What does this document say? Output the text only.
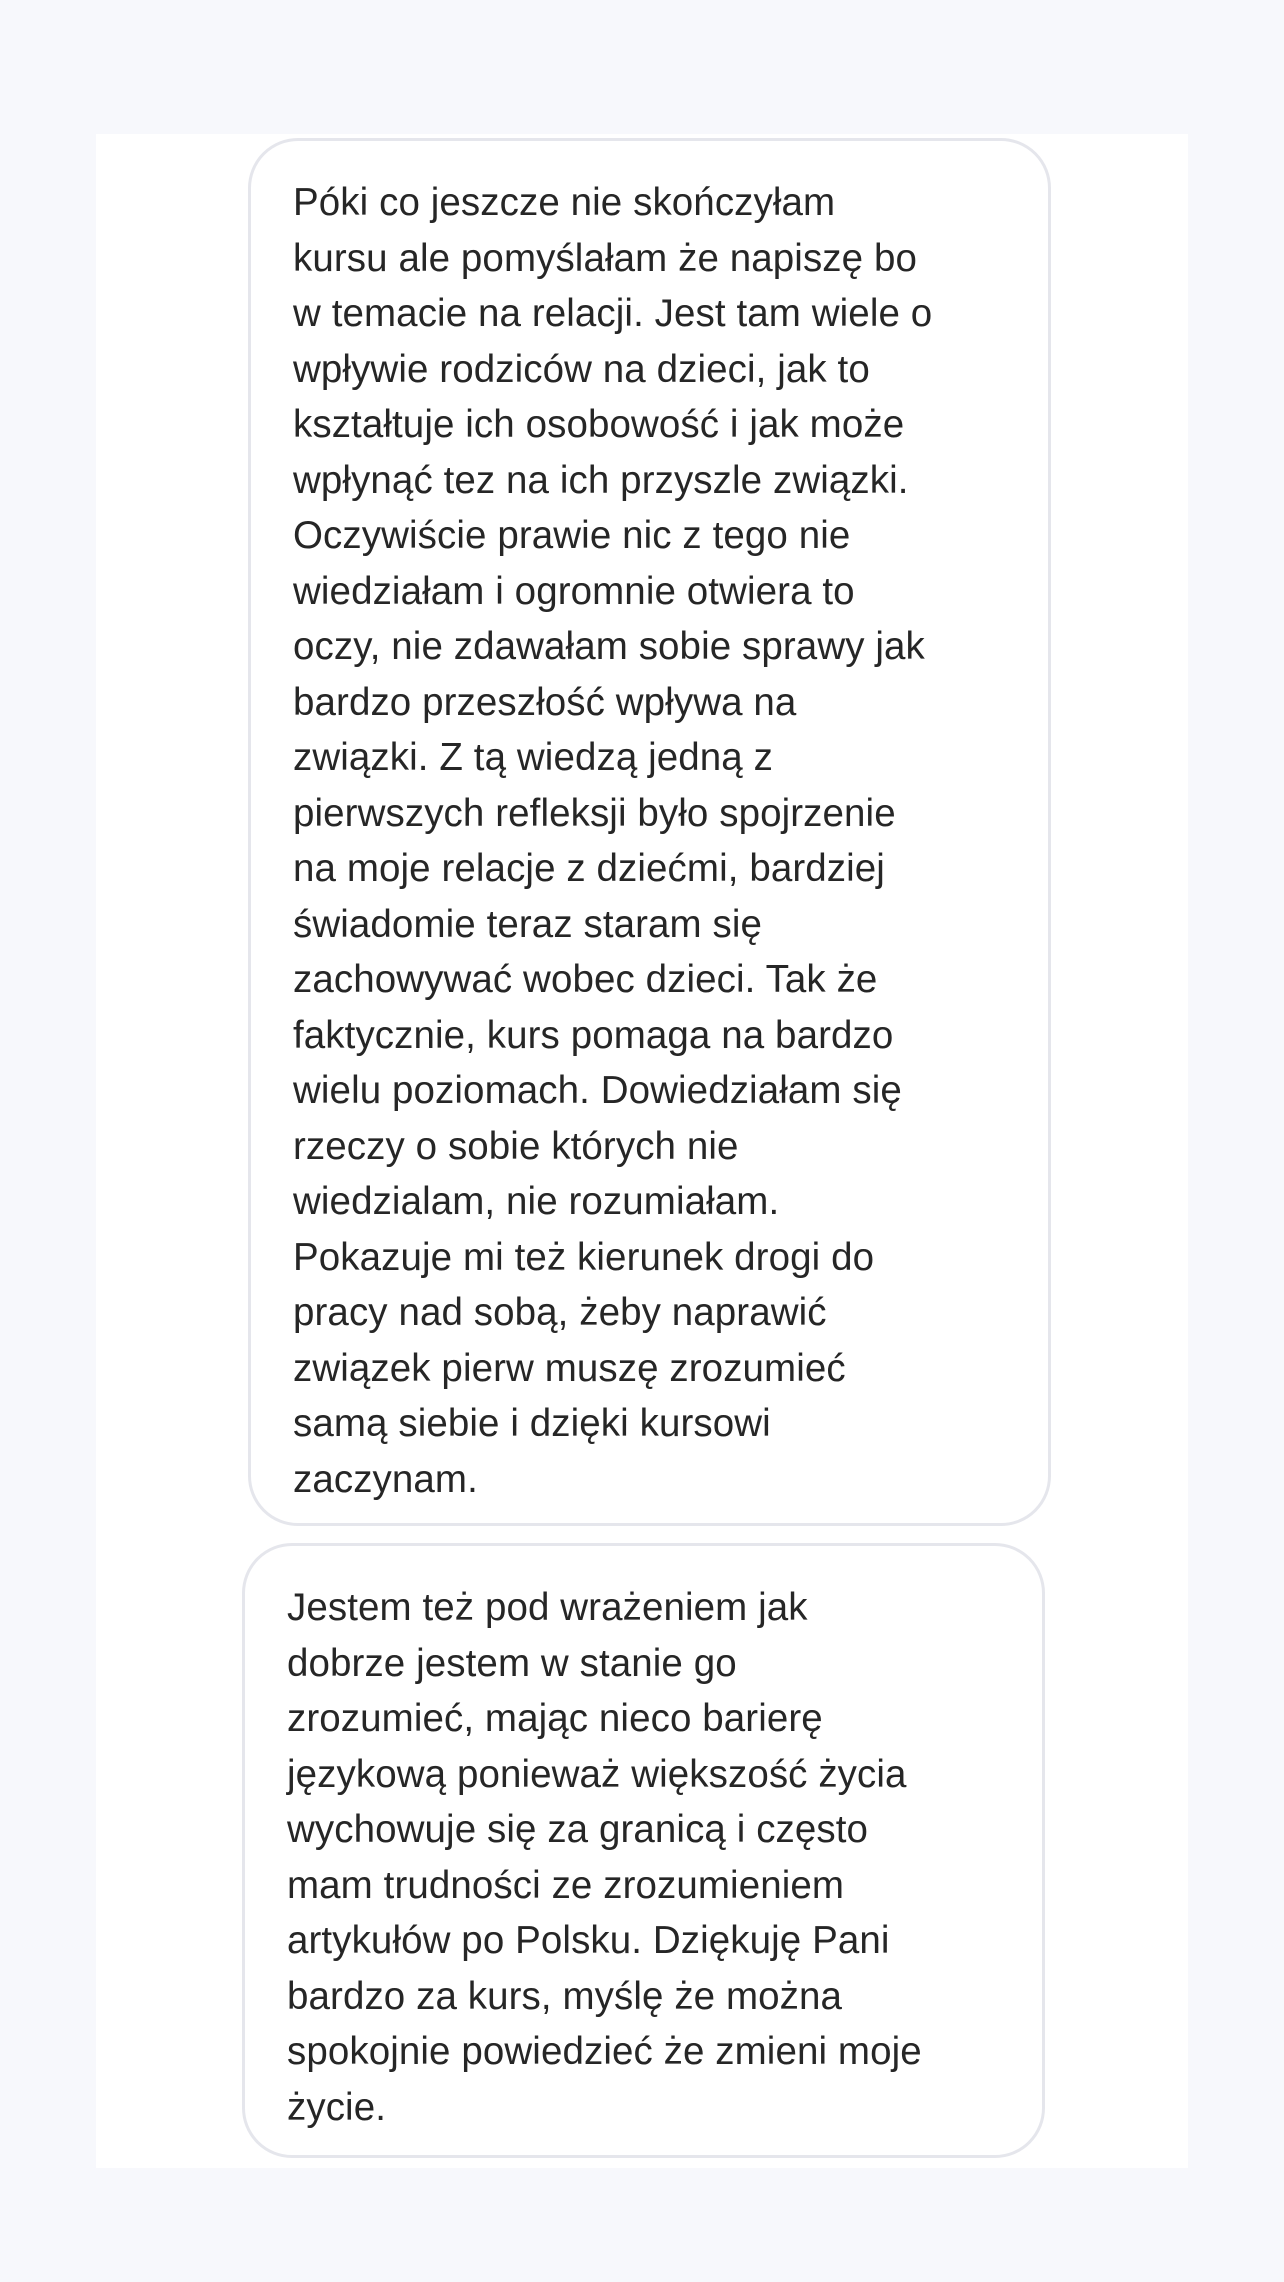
Póki co jeszcze nie skończyłam
kursu ale pomyślałam że napiszę bo
w temacie na relacji. Jest tam wiele o
wpływie rodziców na dzieci, jak to
kształtuje ich osobowość i jak może
wpłynąć tez na ich przyszle związki.
Oczywiście prawie nic z tego nie
wiedziałam i ogromnie otwiera to
oczy, nie zdawałam sobie sprawy jak
bardzo przeszłość wpływa na
związki. Z tą wiedzą jedną z
pierwszych refleksji było spojrzenie
na moje relacje z dziećmi, bardziej
świadomie teraz staram się
zachowywać wobec dzieci. Tak że
faktycznie, kurs pomaga na bardzo
wielu poziomach. Dowiedziałam się
rzeczy o sobie których nie
wiedzialam, nie rozumiałam.
Pokazuje mi też kierunek drogi do
pracy nad sobą, żeby naprawić
związek pierw muszę zrozumieć
samą siebie i dzięki kursowi
zaczynam.
Jestem też pod wrażeniem jak
dobrze jestem w stanie go
zrozumieć, mając nieco barierę
językową ponieważ większość życia
wychowuje się za granicą i często
mam trudności ze zrozumieniem
artykułów po Polsku. Dziękuję Pani
bardzo za kurs, myślę że można
spokojnie powiedzieć że zmieni moje
życie.
